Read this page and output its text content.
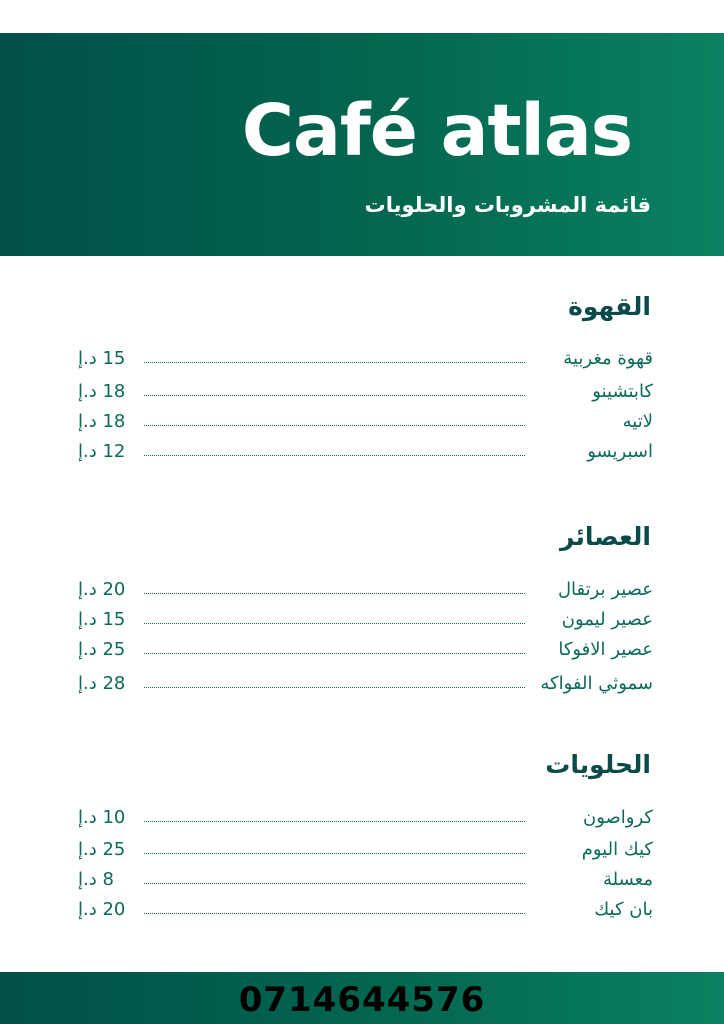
Café atlas
قائمة المشروبات والحلويات
القهوة
قهوة مغربية
15 د.إ
كابتشينو
18 د.إ
لاتيه
18 د.إ
اسبريسو
12 د.إ
العصائر
عصير برتقال
20 د.إ
عصير ليمون
15 د.إ
عصير الافوكا
25 د.إ
سموثي الفواكه
28 د.إ
الحلويات
كرواصون
10 د.إ
كيك اليوم
25 د.إ
معسلة
8 د.إ
بان كيك
20 د.إ
0714644576
